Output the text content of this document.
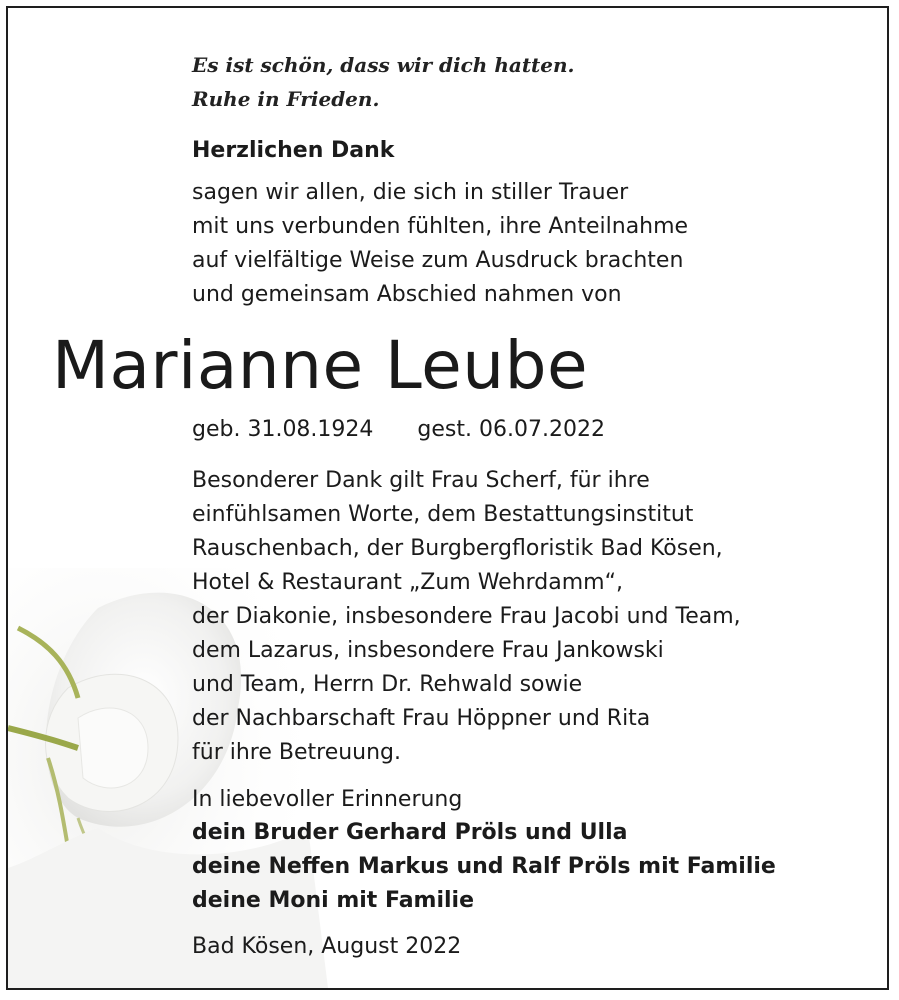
Es ist schön, dass wir dich hatten.
Ruhe in Frieden.

Herzlichen Dank

sagen wir allen, die sich in stiller Trauer
mit uns verbunden fühlten, ihre Anteilnahme
auf vielfältige Weise zum Ausdruck brachten
und gemeinsam Abschied nahmen von

Marianne Leube

geb. 31.08.1924 gest. 06.07.2022

Besonderer Dank gilt Frau Scherf, für ihre
einfühlsamen Worte, dem Bestattungsinstitut
Rauschenbach, der Burgbergfloristik Bad Kösen,
Hotel & Restaurant „Zum Wehrdamm“,
der Diakonie, insbesondere Frau Jacobi und Team,
dem Lazarus, insbesondere Frau Jankowski
und Team, Herrn Dr. Rehwald sowie
der Nachbarschaft Frau Höppner und Rita
für ihre Betreuung.

In liebevoller Erinnerung

dein Bruder Gerhard Pröls und Ulla
deine Neffen Markus und Ralf Pröls mit Familie
deine Moni mit Familie

Bad Kösen, August 2022
